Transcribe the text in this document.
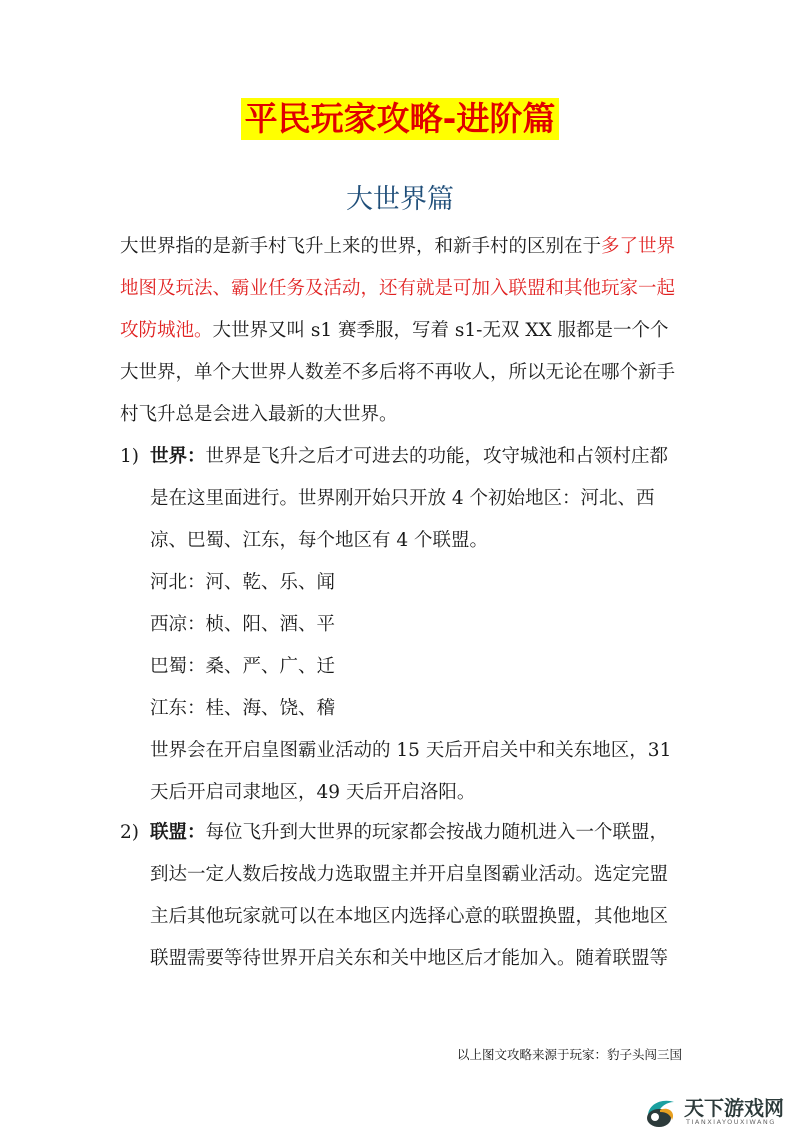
平民玩家攻略-进阶篇
大世界篇
大世界指的是新手村飞升上来的世界，和新手村的区别在于多了世界地图及玩法、霸业任务及活动，还有就是可加入联盟和其他玩家一起攻防城池。大世界又叫 s1 赛季服，写着 s1-无双 XX 服都是一个个大世界，单个大世界人数差不多后将不再收人，所以无论在哪个新手村飞升总是会进入最新的大世界。
1) 世界：世界是飞升之后才可进去的功能，攻守城池和占领村庄都是在这里面进行。世界刚开始只开放 4 个初始地区：河北、西凉、巴蜀、江东，每个地区有 4 个联盟。
河北：河、乾、乐、闻
西凉：桢、阳、酒、平
巴蜀：桑、严、广、迁
江东：桂、海、饶、稽
世界会在开启皇图霸业活动的 15 天后开启关中和关东地区，31 天后开启司隶地区，49 天后开启洛阳。
2) 联盟：每位飞升到大世界的玩家都会按战力随机进入一个联盟，到达一定人数后按战力选取盟主并开启皇图霸业活动。选定完盟主后其他玩家就可以在本地区内选择心意的联盟换盟，其他地区联盟需要等待世界开启关东和关中地区后才能加入。随着联盟等
以上图文攻略来源于玩家：豹子头闯三国
天下游戏网
TIANXIAYOUXIWANG
